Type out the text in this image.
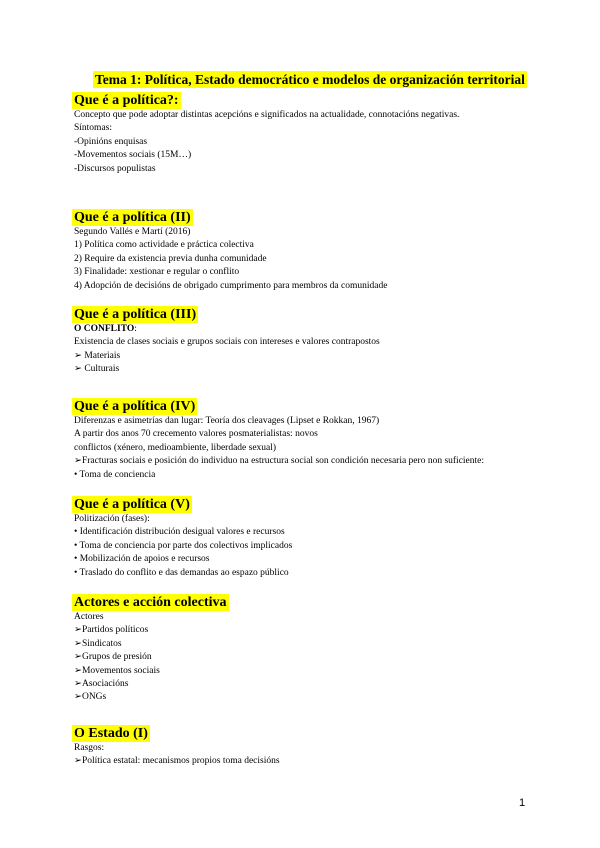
Tema 1: Política, Estado democrático e modelos de organización territorial
Que é a política?:
Concepto que pode adoptar distintas acepcións e significados na actualidade, connotacións negativas.
Síntomas:
-Opinións enquisas
-Movementos sociais (15M…)
-Discursos populistas
Que é a política (II)
Segundo Vallés e Martí (2016)
1) Política como actividade e práctica colectiva
2) Require da existencia previa dunha comunidade
3) Finalidade: xestionar e regular o conflito
4) Adopción de decisións de obrigado cumprimento para membros da comunidade
Que é a política (III)
O CONFLITO:
Existencia de clases sociais e grupos sociais con intereses e valores contrapostos
➢ Materiais
➢ Culturais
Que é a política (IV)
Diferenzas e asimetrías dan lugar: Teoría dos cleavages (Lipset e Rokkan, 1967)
A partir dos anos 70 crecemento valores posmaterialistas: novos
conflictos (xénero, medioambiente, liberdade sexual)
➢Fracturas sociais e posición do individuo na estructura social son condición necesaria pero non suficiente:
• Toma de conciencia
Que é a política (V)
Politización (fases):
• Identificación distribución desigual valores e recursos
• Toma de conciencia por parte dos colectivos implicados
• Mobilización de apoios e recursos
• Traslado do conflito e das demandas ao espazo público
Actores e acción colectiva
Actores
➢Partidos políticos
➢Sindicatos
➢Grupos de presión
➢Movementos sociais
➢Asociacións
➢ONGs
O Estado (I)
Rasgos:
➢Política estatal: mecanismos propios toma decisións
1
